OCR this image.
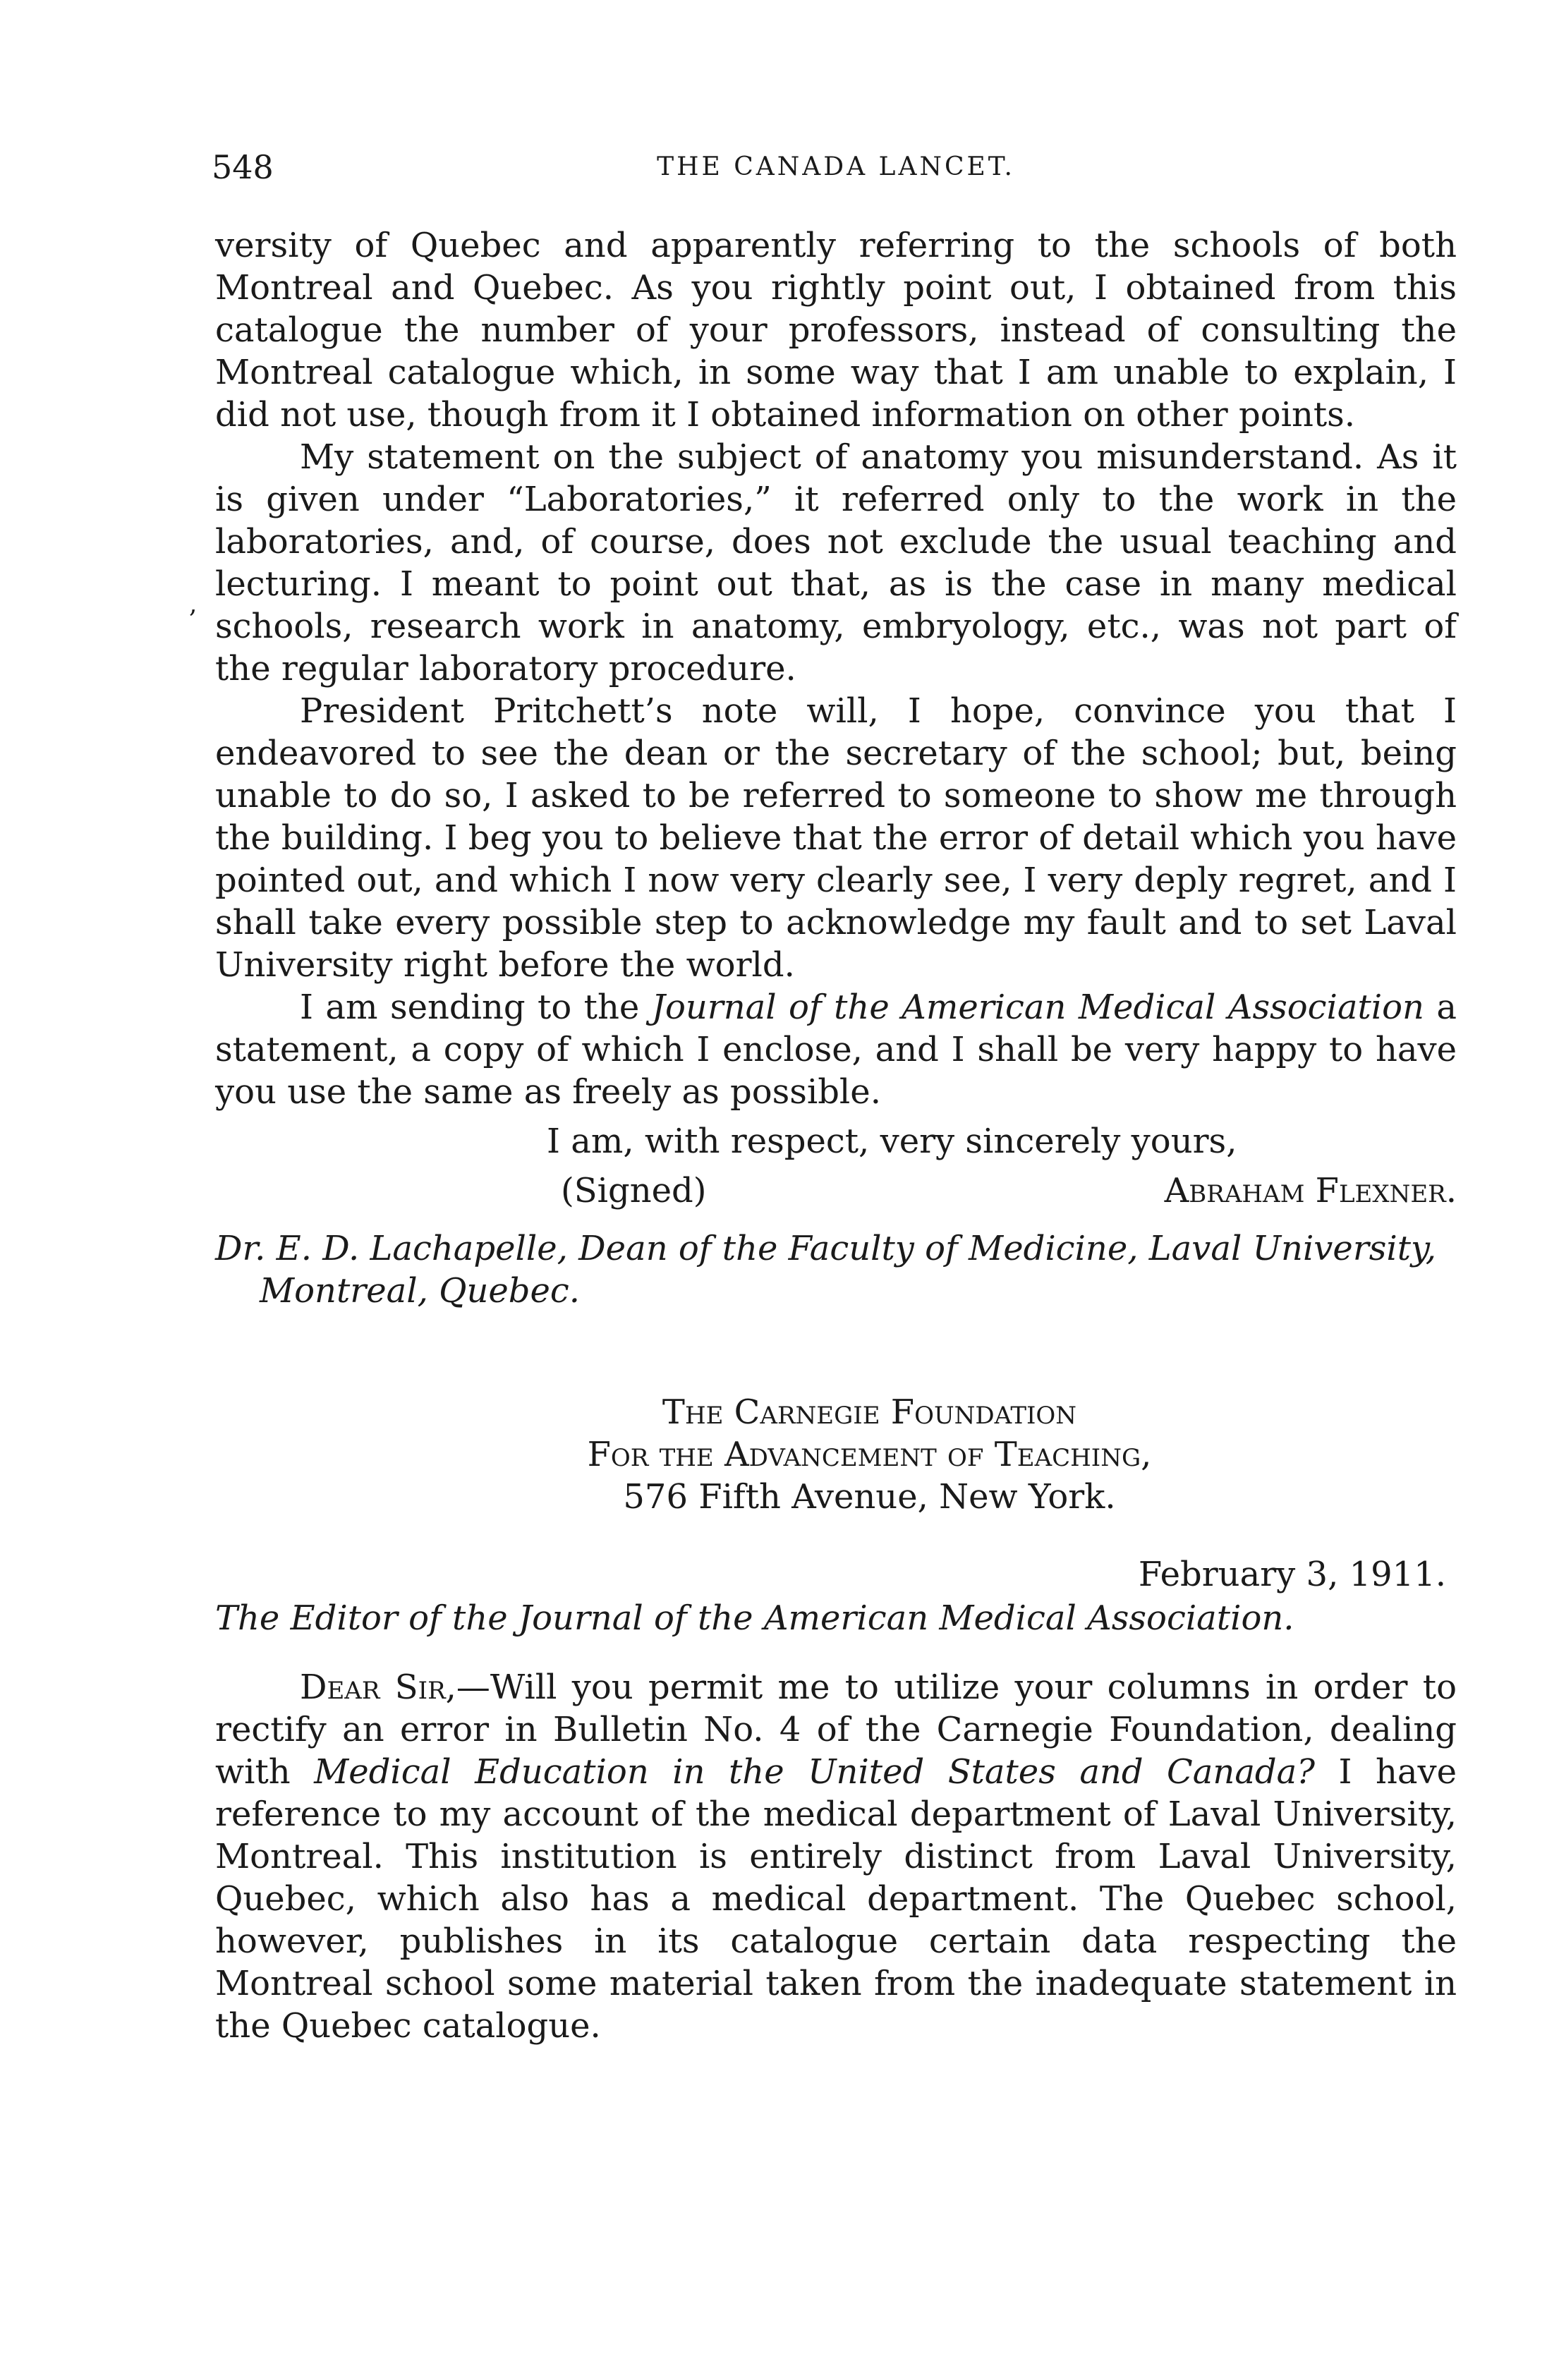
548	THE CANADA LANCET.
,

versity of Quebec and apparently referring to the schools of both Montreal and Quebec. As you rightly point out, I obtained from this catalogue the number of your professors, instead of consulting the Montreal catalogue which, in some way that I am unable to explain, I did not use, though from it I obtained information on other points.

My statement on the subject of anatomy you misunderstand. As it is given under “Laboratories,” it referred only to the work in the laboratories, and, of course, does not exclude the usual teaching and lecturing. I meant to point out that, as is the case in many medical schools, research work in anatomy, embryology, etc., was not part of the regular laboratory procedure.

President Pritchett’s note will, I hope, convince you that I endeavored to see the dean or the secretary of the school; but, being unable to do so, I asked to be referred to someone to show me through the building. I beg you to believe that the error of detail which you have pointed out, and which I now very clearly see, I very deply regret, and I shall take every possible step to acknowledge my fault and to set Laval University right before the world.

I am sending to the Journal of the American Medical Association a statement, a copy of which I enclose, and I shall be very happy to have you use the same as freely as possible.

I am, with respect, very sincerely yours,
(Signed)	Abraham Flexner.
Dr. E. D. Lachapelle, Dean of the Faculty of Medicine, Laval University,
Montreal, Quebec.
The Carnegie Foundation
For the Advancement of Teaching,
576 Fifth Avenue, New York.
February 3, 1911.
The Editor of the Journal of the American Medical Association.

Dear Sir,—Will you permit me to utilize your columns in order to rectify an error in Bulletin No. 4 of the Carnegie Foundation, dealing with Medical Education in the United States and Canada? I have reference to my account of the medical department of Laval University, Montreal. This institution is entirely distinct from Laval University, Quebec, which also has a medical department. The Quebec school, however, publishes in its catalogue certain data respecting the Montreal school some material taken from the inadequate statement in the Quebec catalogue.
